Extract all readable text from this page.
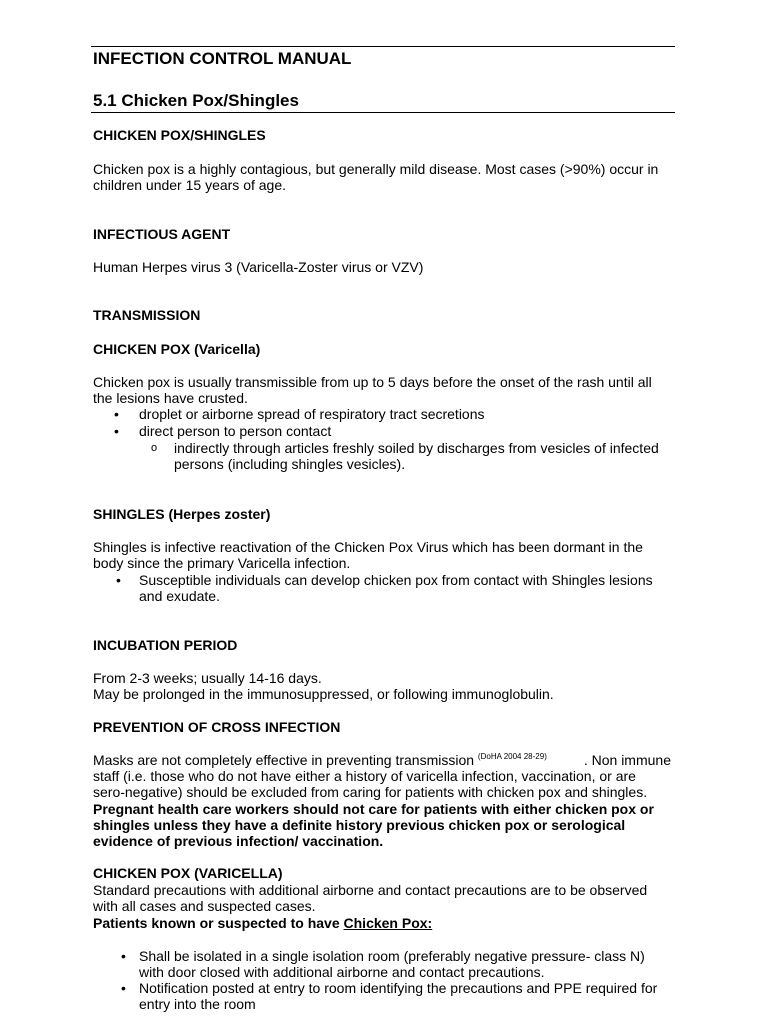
INFECTION CONTROL MANUAL
5.1 Chicken Pox/Shingles
CHICKEN POX/SHINGLES
Chicken pox is a highly contagious, but generally mild disease. Most cases (>90%) occur in
children under 15 years of age.
INFECTIOUS AGENT
Human Herpes virus 3 (Varicella-Zoster virus or VZV)
TRANSMISSION
CHICKEN POX (Varicella)
Chicken pox is usually transmissible from up to 5 days before the onset of the rash until all
the lesions have crusted.
• droplet or airborne spread of respiratory tract secretions
• direct person to person contact
o indirectly through articles freshly soiled by discharges from vesicles of infected
persons (including shingles vesicles).
SHINGLES (Herpes zoster)
Shingles is infective reactivation of the Chicken Pox Virus which has been dormant in the
body since the primary Varicella infection.
• Susceptible individuals can develop chicken pox from contact with Shingles lesions
and exudate.
INCUBATION PERIOD
From 2-3 weeks; usually 14-16 days.
May be prolonged in the immunosuppressed, or following immunoglobulin.
PREVENTION OF CROSS INFECTION
Masks are not completely effective in preventing transmission $^{(DoHA 2004 28-29)}$	. Non immune
staff (i.e. those who do not have either a history of varicella infection, vaccination, or are
sero-negative) should be excluded from caring for patients with chicken pox and shingles.
Pregnant health care workers should not care for patients with either chicken pox or
shingles unless they have a definite history previous chicken pox or serological
evidence of previous infection/ vaccination.
CHICKEN POX (VARICELLA)
Standard precautions with additional airborne and contact precautions are to be observed
with all cases and suspected cases.
Patients known or suspected to have Chicken Pox:
• Shall be isolated in a single isolation room (preferably negative pressure- class N)
with door closed with additional airborne and contact precautions.
• Notification posted at entry to room identifying the precautions and PPE required for
entry into the room
